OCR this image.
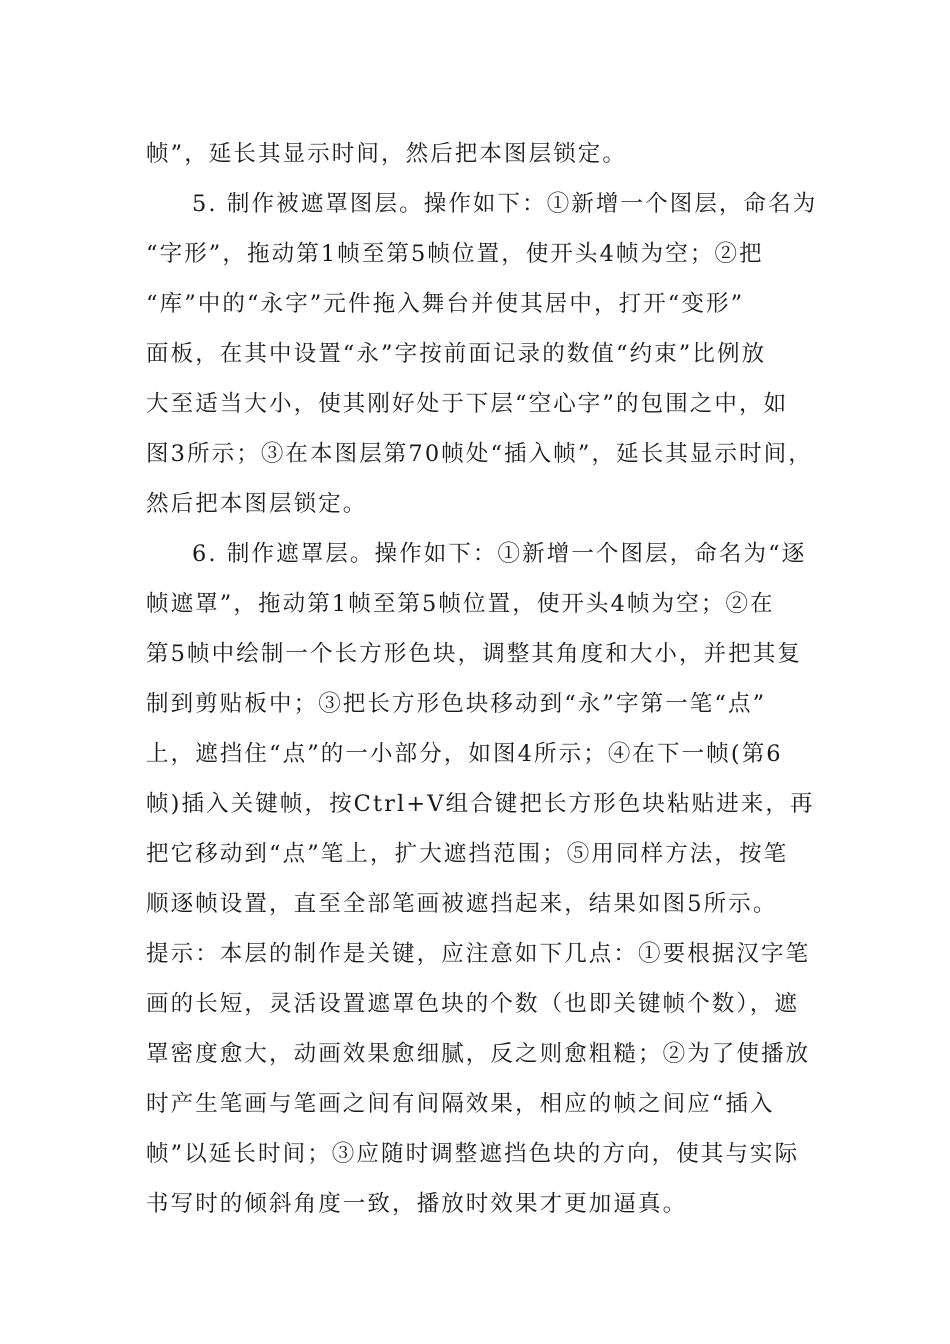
帧”，延长其显示时间，然后把本图层锁定。
5. 制作被遮罩图层。操作如下：①新增一个图层，命名为
“字形”，拖动第1帧至第5帧位置，使开头4帧为空；②把
“库”中的“永字”元件拖入舞台并使其居中，打开“变形”
面板，在其中设置“永”字按前面记录的数值“约束”比例放
大至适当大小，使其刚好处于下层“空心字”的包围之中，如
图3所示；③在本图层第70帧处“插入帧”，延长其显示时间，
然后把本图层锁定。
6. 制作遮罩层。操作如下：①新增一个图层，命名为“逐
帧遮罩”，拖动第1帧至第5帧位置，使开头4帧为空；②在
第5帧中绘制一个长方形色块，调整其角度和大小，并把其复
制到剪贴板中；③把长方形色块移动到“永”字第一笔“点”
上，遮挡住“点”的一小部分，如图4所示；④在下一帧(第6
帧)插入关键帧，按Ctrl+V组合键把长方形色块粘贴进来，再
把它移动到“点”笔上，扩大遮挡范围；⑤用同样方法，按笔
顺逐帧设置，直至全部笔画被遮挡起来，结果如图5所示。
提示：本层的制作是关键，应注意如下几点：①要根据汉字笔
画的长短，灵活设置遮罩色块的个数（也即关键帧个数），遮
罩密度愈大，动画效果愈细腻，反之则愈粗糙；②为了使播放
时产生笔画与笔画之间有间隔效果，相应的帧之间应“插入
帧”以延长时间；③应随时调整遮挡色块的方向，使其与实际
书写时的倾斜角度一致，播放时效果才更加逼真。
